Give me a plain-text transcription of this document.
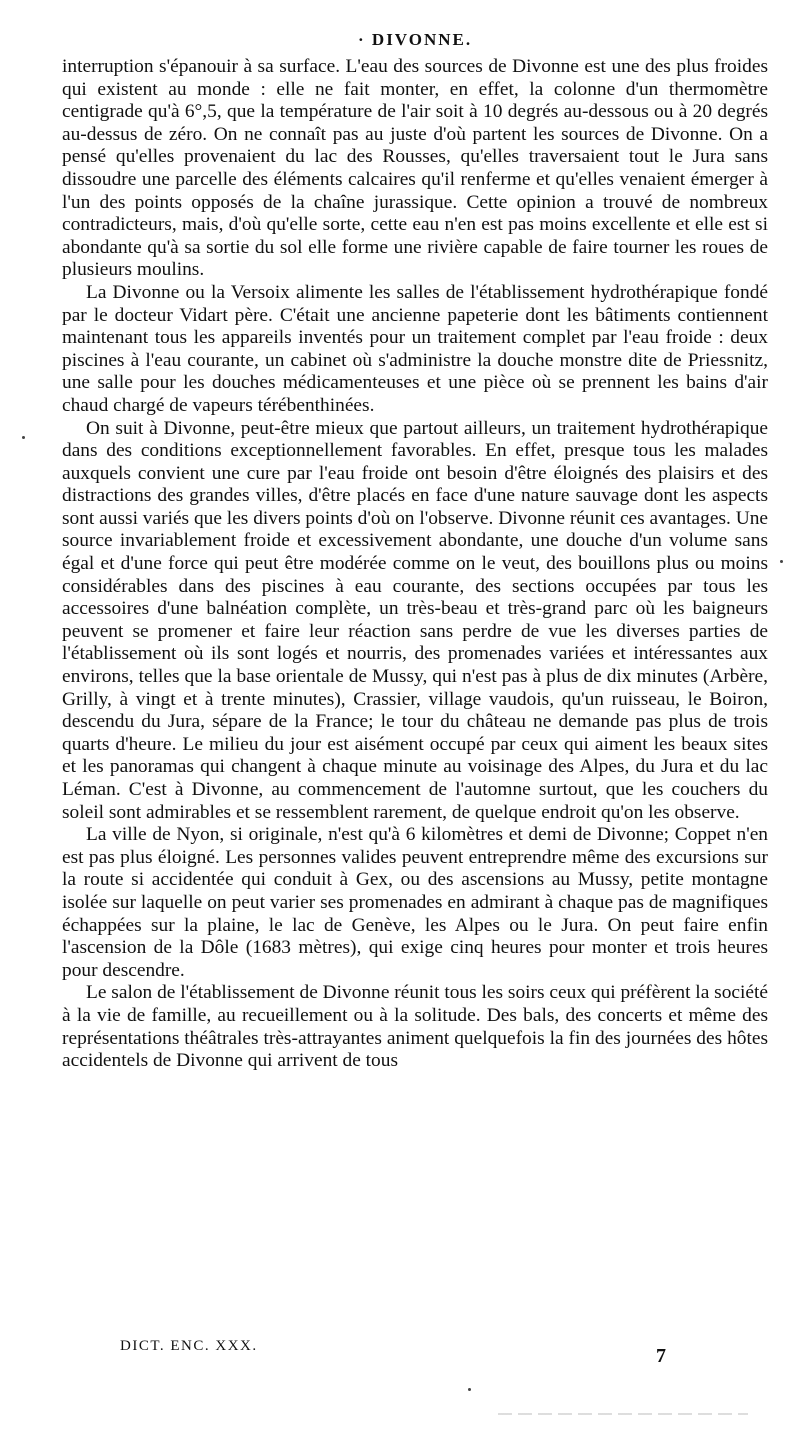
· DIVONNE.

interruption s'épanouir à sa surface. L'eau des sources de Divonne est une des plus froides qui existent au monde : elle ne fait monter, en effet, la colonne d'un thermomètre centigrade qu'à 6°,5, que la température de l'air soit à 10 degrés au-dessous ou à 20 degrés au-dessus de zéro. On ne connaît pas au juste d'où partent les sources de Divonne. On a pensé qu'elles provenaient du lac des Rousses, qu'elles traversaient tout le Jura sans dissoudre une parcelle des éléments calcaires qu'il renferme et qu'elles venaient émerger à l'un des points opposés de la chaîne jurassique. Cette opinion a trouvé de nombreux contradicteurs, mais, d'où qu'elle sorte, cette eau n'en est pas moins excellente et elle est si abondante qu'à sa sortie du sol elle forme une rivière capable de faire tourner les roues de plusieurs moulins.

La Divonne ou la Versoix alimente les salles de l'établissement hydrothérapique fondé par le docteur Vidart père. C'était une ancienne papeterie dont les bâtiments contiennent maintenant tous les appareils inventés pour un traitement complet par l'eau froide : deux piscines à l'eau courante, un cabinet où s'administre la douche monstre dite de Priessnitz, une salle pour les douches médicamenteuses et une pièce où se prennent les bains d'air chaud chargé de vapeurs térébenthinées.

On suit à Divonne, peut-être mieux que partout ailleurs, un traitement hydrothérapique dans des conditions exceptionnellement favorables. En effet, presque tous les malades auxquels convient une cure par l'eau froide ont besoin d'être éloignés des plaisirs et des distractions des grandes villes, d'être placés en face d'une nature sauvage dont les aspects sont aussi variés que les divers points d'où on l'observe. Divonne réunit ces avantages. Une source invariablement froide et excessivement abondante, une douche d'un volume sans égal et d'une force qui peut être modérée comme on le veut, des bouillons plus ou moins considérables dans des piscines à eau courante, des sections occupées par tous les accessoires d'une balnéation complète, un très-beau et très-grand parc où les baigneurs peuvent se promener et faire leur réaction sans perdre de vue les diverses parties de l'établissement où ils sont logés et nourris, des promenades variées et intéressantes aux environs, telles que la base orientale de Mussy, qui n'est pas à plus de dix minutes (Arbère, Grilly, à vingt et à trente minutes), Crassier, village vaudois, qu'un ruisseau, le Boiron, descendu du Jura, sépare de la France; le tour du château ne demande pas plus de trois quarts d'heure. Le milieu du jour est aisément occupé par ceux qui aiment les beaux sites et les panoramas qui changent à chaque minute au voisinage des Alpes, du Jura et du lac Léman. C'est à Divonne, au commencement de l'automne surtout, que les couchers du soleil sont admirables et se ressemblent rarement, de quelque endroit qu'on les observe.

La ville de Nyon, si originale, n'est qu'à 6 kilomètres et demi de Divonne; Coppet n'en est pas plus éloigné. Les personnes valides peuvent entreprendre même des excursions sur la route si accidentée qui conduit à Gex, ou des ascensions au Mussy, petite montagne isolée sur laquelle on peut varier ses promenades en admirant à chaque pas de magnifiques échappées sur la plaine, le lac de Genève, les Alpes ou le Jura. On peut faire enfin l'ascension de la Dôle (1683 mètres), qui exige cinq heures pour monter et trois heures pour descendre.

Le salon de l'établissement de Divonne réunit tous les soirs ceux qui préfèrent la société à la vie de famille, au recueillement ou à la solitude. Des bals, des concerts et même des représentations théâtrales très-attrayantes animent quelquefois la fin des journées des hôtes accidentels de Divonne qui arrivent de tous

DICT. ENC. XXX.	7
